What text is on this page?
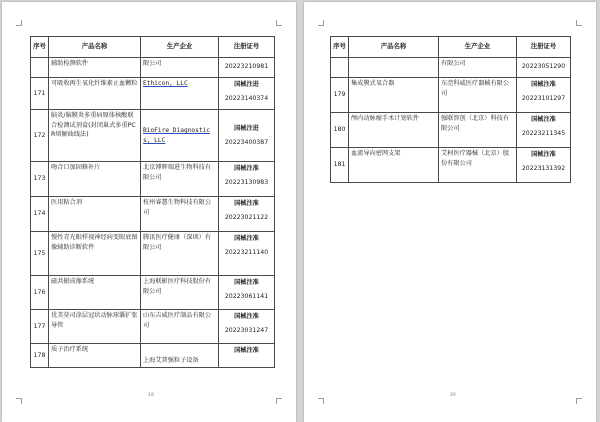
序号	产品名称	生产企业	注册证号
	辅助检测软件	限公司	20223210981

171	可吸收再生氧化纤维素止血颗粒	Ethicon, LLC	国械注进
20223140374

172	脑炎/脑膜炎多重病原体核酸联合检测试剂盒(封闭巢式多重PCR熔解曲线法)	BioFire Diagnostics, LLC	国械注进
20223400387

173	吻合口加固修补片	北京博辉瑞进生物科技有限公司	国械注准
20223130983

174	医用粘合剂	杭州睿慧生物科技有限公司	国械注准
20223021122

175	慢性青光眼样视神经病变眼底图像辅助诊断软件	腾讯医疗健康（深圳）有限公司	国械注准
20223211140

176	磁共振成像系统	上海联影医疗科技股份有限公司	国械注准
20223061141

177	优美莫司涂层冠状动脉球囊扩张导管	山东吉威医疗制品有限公司	国械注准
20223031247

178	质子治疗系统	上海艾普强粒子设备	国械注准
19
序号	产品名称	生产企业	注册证号
		有限公司	20223051290

179	集成膜式氧合器	东莞科威医疗器械有限公司	国械注准
20223101297

180	颅内动脉瘤手术计划软件	强联智创（北京）科技有限公司	国械注准
20223211345

181	血流导向密网支架	艾柯医疗器械（北京）股份有限公司	国械注准
20223131392
20
